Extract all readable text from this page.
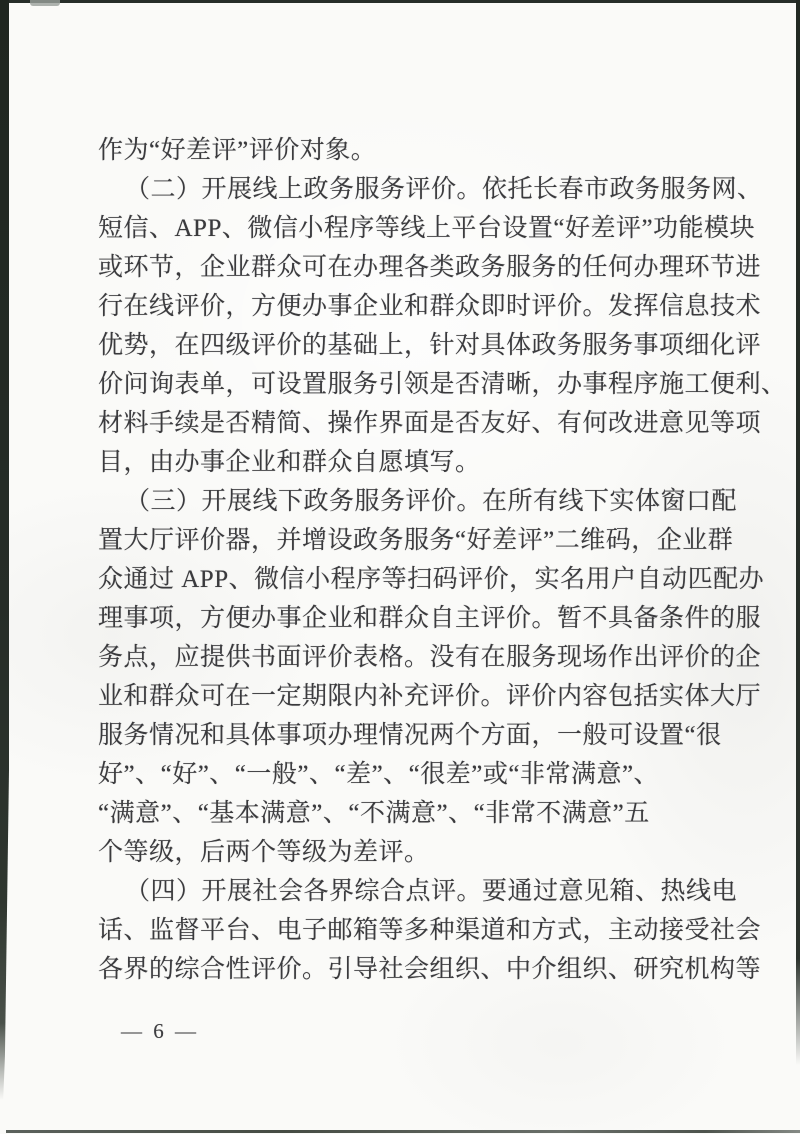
作为“好差评”评价对象。
（二）开展线上政务服务评价。依托长春市政务服务网、
短信、APP、微信小程序等线上平台设置“好差评”功能模块
或环节，企业群众可在办理各类政务服务的任何办理环节进
行在线评价，方便办事企业和群众即时评价。发挥信息技术
优势，在四级评价的基础上，针对具体政务服务事项细化评
价问询表单，可设置服务引领是否清晰，办事程序施工便利、
材料手续是否精简、操作界面是否友好、有何改进意见等项
目，由办事企业和群众自愿填写。
（三）开展线下政务服务评价。在所有线下实体窗口配
置大厅评价器，并增设政务服务“好差评”二维码，企业群
众通过 APP、微信小程序等扫码评价，实名用户自动匹配办
理事项，方便办事企业和群众自主评价。暂不具备条件的服
务点，应提供书面评价表格。没有在服务现场作出评价的企
业和群众可在一定期限内补充评价。评价内容包括实体大厅
服务情况和具体事项办理情况两个方面，一般可设置“很
好”、“好”、“一般”、“差”、“很差”或“非常满意”、
“满意”、“基本满意”、“不满意”、“非常不满意”五
个等级，后两个等级为差评。
（四）开展社会各界综合点评。要通过意见箱、热线电
话、监督平台、电子邮箱等多种渠道和方式，主动接受社会
各界的综合性评价。引导社会组织、中介组织、研究机构等
— 6 —
